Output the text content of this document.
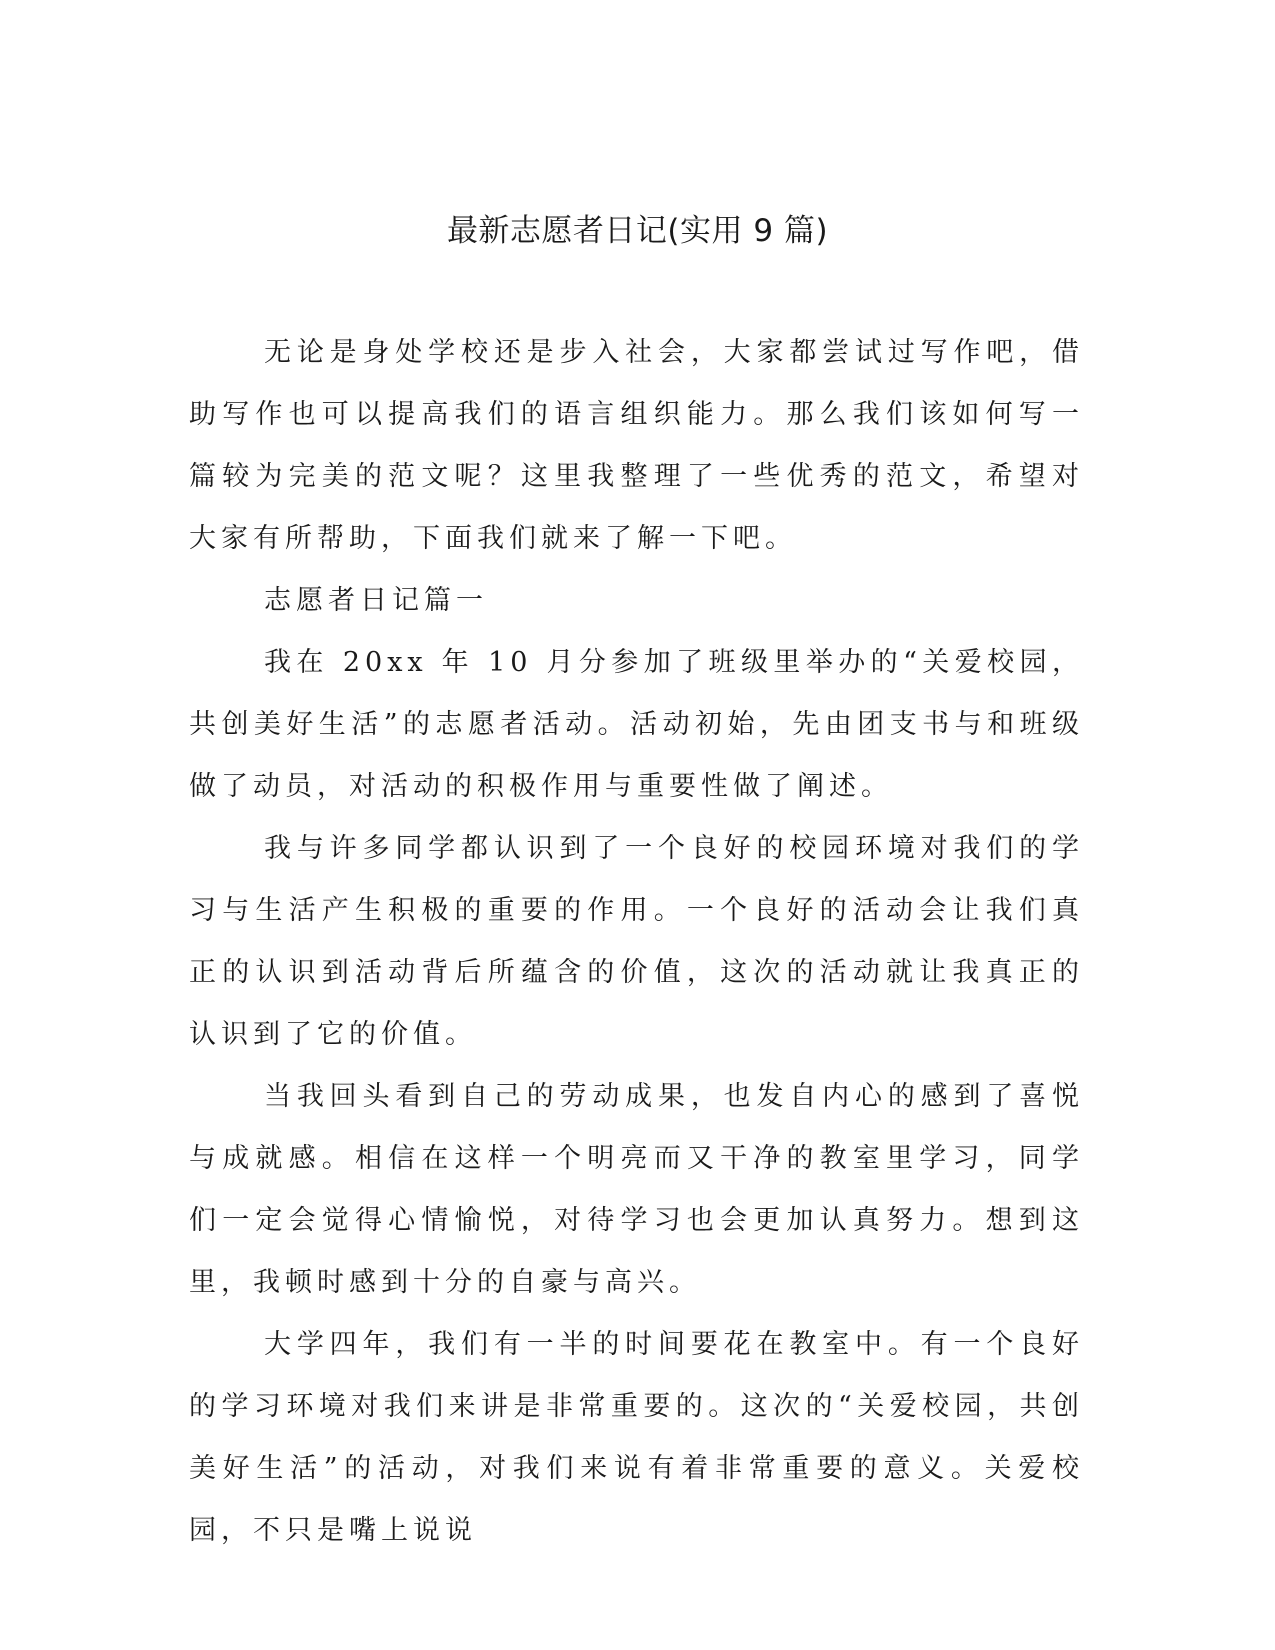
最新志愿者日记(实用 9 篇)

无论是身处学校还是步入社会，大家都尝试过写作吧，借助写作也可以提高我们的语言组织能力。那么我们该如何写一篇较为完美的范文呢？这里我整理了一些优秀的范文，希望对大家有所帮助，下面我们就来了解一下吧。

志愿者日记篇一

我在 20xx 年 10 月分参加了班级里举办的“关爱校园，共创美好生活”的志愿者活动。活动初始，先由团支书与和班级做了动员，对活动的积极作用与重要性做了阐述。

我与许多同学都认识到了一个良好的校园环境对我们的学习与生活产生积极的重要的作用。一个良好的活动会让我们真正的认识到活动背后所蕴含的价值，这次的活动就让我真正的认识到了它的价值。

当我回头看到自己的劳动成果，也发自内心的感到了喜悦与成就感。相信在这样一个明亮而又干净的教室里学习，同学们一定会觉得心情愉悦，对待学习也会更加认真努力。想到这里，我顿时感到十分的自豪与高兴。

大学四年，我们有一半的时间要花在教室中。有一个良好的学习环境对我们来讲是非常重要的。这次的“关爱校园，共创美好生活”的活动，对我们来说有着非常重要的意义。关爱校园，不只是嘴上说说
